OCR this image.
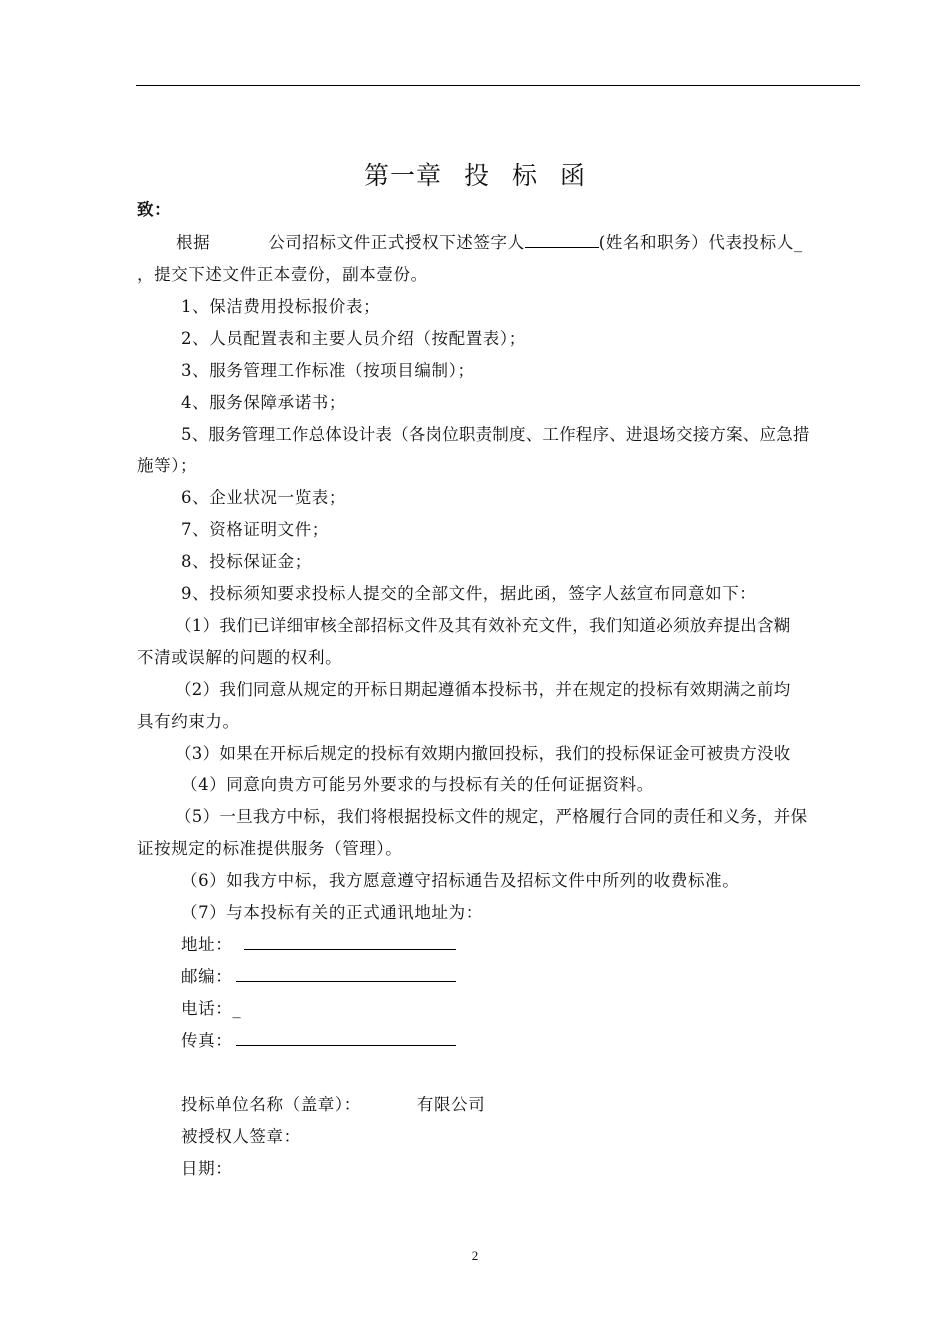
第一章 投 标 函
致：
根据	公司招标文件正式授权下述签字人	(姓名和职务）代表投标人_
，提交下述文件正本壹份，副本壹份。
1、保洁费用投标报价表；
2、人员配置表和主要人员介绍（按配置表）；
3、服务管理工作标准（按项目编制）；
4、服务保障承诺书；
5、服务管理工作总体设计表（各岗位职责制度、工作程序、进退场交接方案、应急措
施等）；
6、企业状况一览表；
7、资格证明文件；
8、投标保证金；
9、投标须知要求投标人提交的全部文件，据此函，签字人兹宣布同意如下：
（1）我们已详细审核全部招标文件及其有效补充文件，我们知道必须放弃提出含糊
不清或误解的问题的权利。
（2）我们同意从规定的开标日期起遵循本投标书，并在规定的投标有效期满之前均
具有约束力。
（3）如果在开标后规定的投标有效期内撤回投标，我们的投标保证金可被贵方没收
（4）同意向贵方可能另外要求的与投标有关的任何证据资料。
（5）一旦我方中标，我们将根据投标文件的规定，严格履行合同的责任和义务，并保
证按规定的标准提供服务（管理）。
（6）如我方中标，我方愿意遵守招标通告及招标文件中所列的收费标准。
（7）与本投标有关的正式通讯地址为：
地址：
邮编：
电话：_
传真：
投标单位名称（盖章）：	有限公司
被授权人签章：
日期：
2
